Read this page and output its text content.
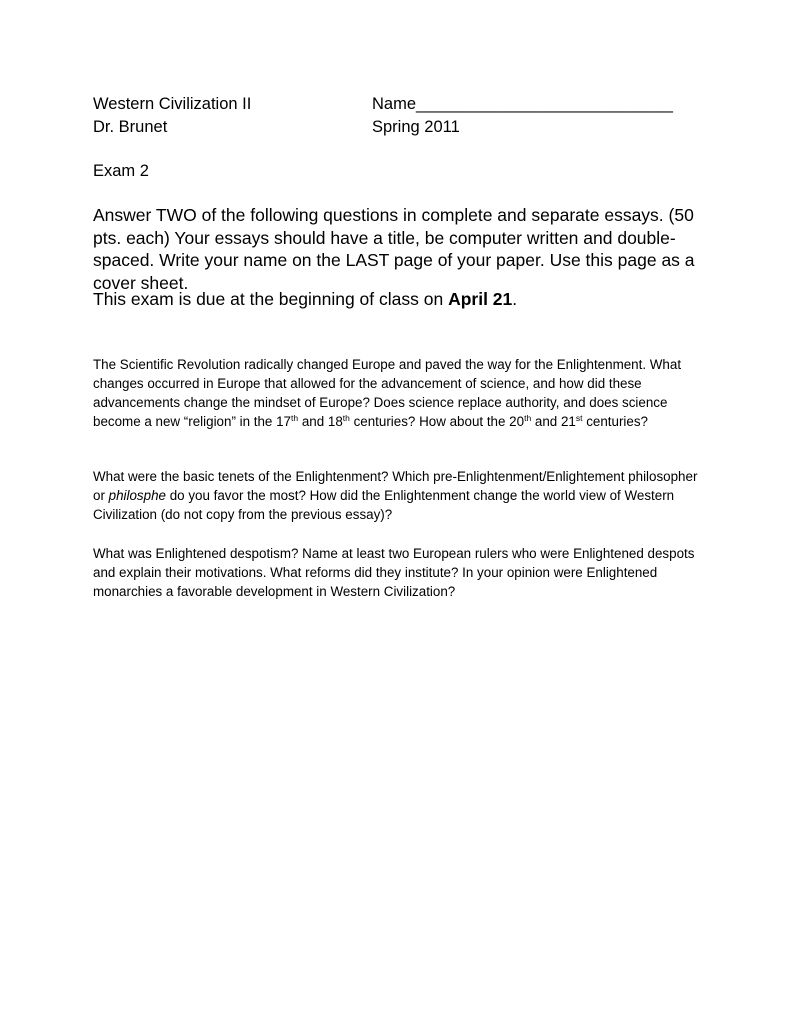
Western Civilization II	Name____________________________
Dr. Brunet	Spring 2011
Exam 2
Answer TWO of the following questions in complete and separate essays. (50 pts. each) Your essays should have a title, be computer written and double-spaced. Write your name on the LAST page of your paper. Use this page as a cover sheet.
This exam is due at the beginning of class on April 21.
The Scientific Revolution radically changed Europe and paved the way for the Enlightenment. What changes occurred in Europe that allowed for the advancement of science, and how did these advancements change the mindset of Europe? Does science replace authority, and does science become a new “religion” in the 17th and 18th centuries? How about the 20th and 21st centuries?
What were the basic tenets of the Enlightenment? Which pre-Enlightenment/Enlightement philosopher or philosphe do you favor the most? How did the Enlightenment change the world view of Western Civilization (do not copy from the previous essay)?
What was Enlightened despotism? Name at least two European rulers who were Enlightened despots and explain their motivations. What reforms did they institute? In your opinion were Enlightened monarchies a favorable development in Western Civilization?
